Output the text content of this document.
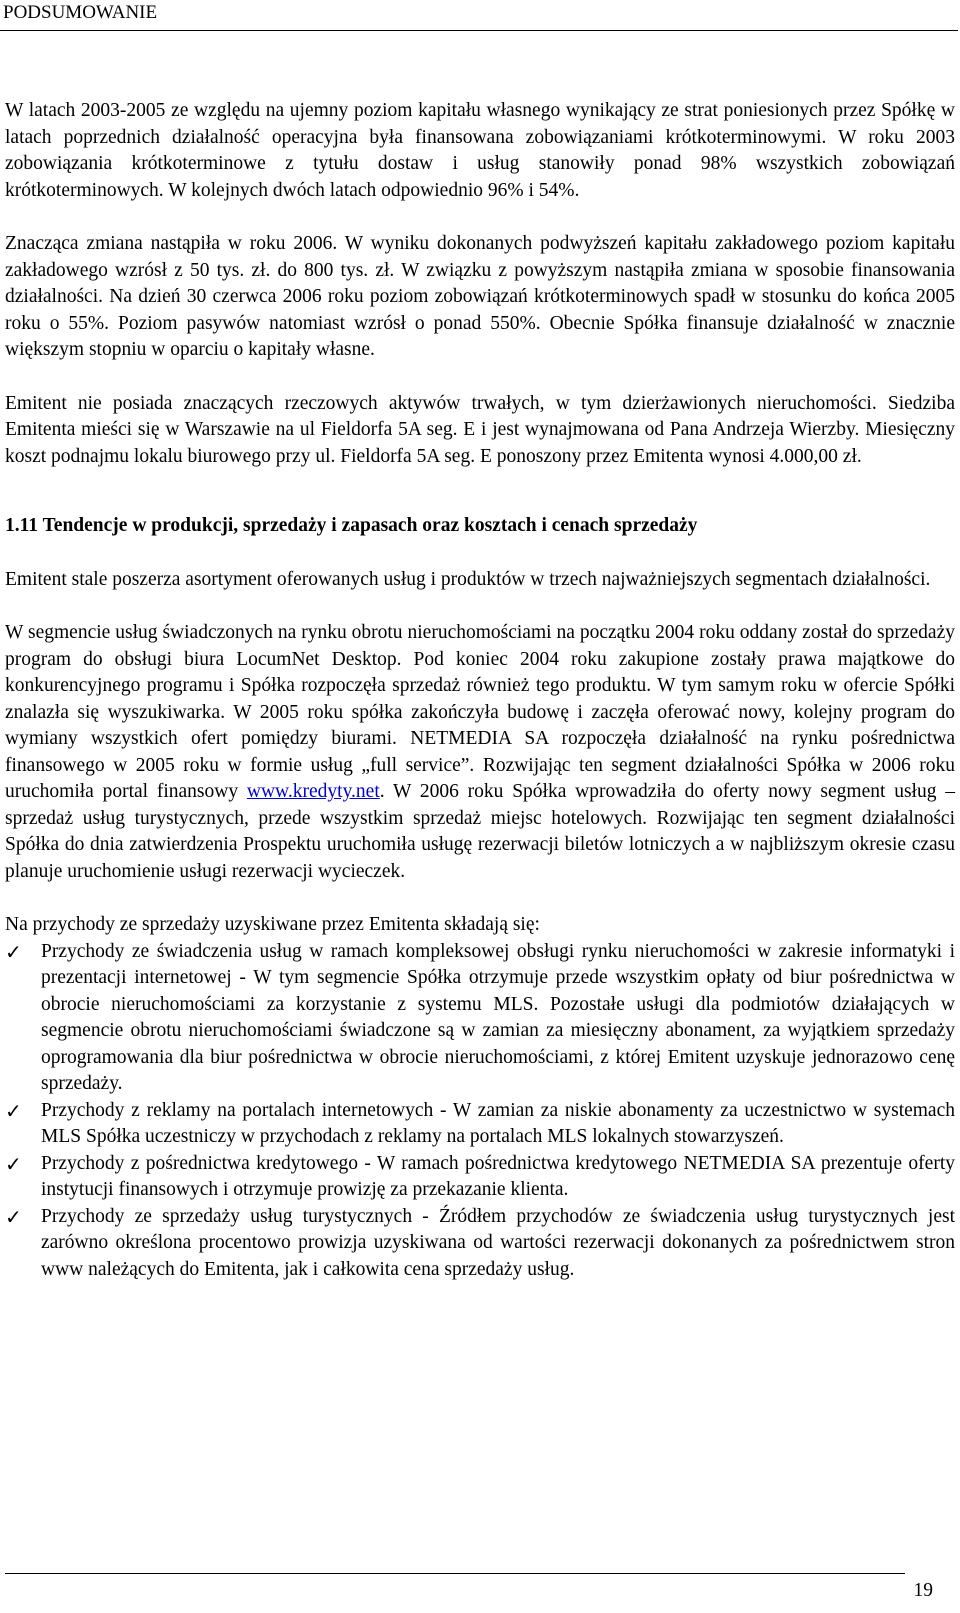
PODSUMOWANIE

W latach 2003-2005 ze względu na ujemny poziom kapitału własnego wynikający ze strat poniesionych przez Spółkę w latach poprzednich działalność operacyjna była finansowana zobowiązaniami krótkoterminowymi. W roku 2003 zobowiązania krótkoterminowe z tytułu dostaw i usług stanowiły ponad 98% wszystkich zobowiązań krótkoterminowych. W kolejnych dwóch latach odpowiednio 96% i 54%.

Znacząca zmiana nastąpiła w roku 2006. W wyniku dokonanych podwyższeń kapitału zakładowego poziom kapitału zakładowego wzrósł z 50 tys. zł. do 800 tys. zł. W związku z powyższym nastąpiła zmiana w sposobie finansowania działalności. Na dzień 30 czerwca 2006 roku poziom zobowiązań krótkoterminowych spadł w stosunku do końca 2005 roku o 55%. Poziom pasywów natomiast wzrósł o ponad 550%. Obecnie Spółka finansuje działalność w znacznie większym stopniu w oparciu o kapitały własne.

Emitent nie posiada znaczących rzeczowych aktywów trwałych, w tym dzierżawionych nieruchomości. Siedziba Emitenta mieści się w Warszawie na ul Fieldorfa 5A seg. E i jest wynajmowana od Pana Andrzeja Wierzby. Miesięczny koszt podnajmu lokalu biurowego przy ul. Fieldorfa 5A seg. E ponoszony przez Emitenta wynosi 4.000,00 zł.

1.11 Tendencje w produkcji, sprzedaży i zapasach oraz kosztach i cenach sprzedaży

Emitent stale poszerza asortyment oferowanych usług i produktów w trzech najważniejszych segmentach działalności.

W segmencie usług świadczonych na rynku obrotu nieruchomościami na początku 2004 roku oddany został do sprzedaży program do obsługi biura LocumNet Desktop. Pod koniec 2004 roku zakupione zostały prawa majątkowe do konkurencyjnego programu i Spółka rozpoczęła sprzedaż również tego produktu. W tym samym roku w ofercie Spółki znalazła się wyszukiwarka. W 2005 roku spółka zakończyła budowę i zaczęła oferować nowy, kolejny program do wymiany wszystkich ofert pomiędzy biurami. NETMEDIA SA rozpoczęła działalność na rynku pośrednictwa finansowego w 2005 roku w formie usług „full service”. Rozwijając ten segment działalności Spółka w 2006 roku uruchomiła portal finansowy www.kredyty.net. W 2006 roku Spółka wprowadziła do oferty nowy segment usług – sprzedaż usług turystycznych, przede wszystkim sprzedaż miejsc hotelowych. Rozwijając ten segment działalności Spółka do dnia zatwierdzenia Prospektu uruchomiła usługę rezerwacji biletów lotniczych a w najbliższym okresie czasu planuje uruchomienie usługi rezerwacji wycieczek.

Na przychody ze sprzedaży uzyskiwane przez Emitenta składają się:
✓ Przychody ze świadczenia usług w ramach kompleksowej obsługi rynku nieruchomości w zakresie informatyki i prezentacji internetowej - W tym segmencie Spółka otrzymuje przede wszystkim opłaty od biur pośrednictwa w obrocie nieruchomościami za korzystanie z systemu MLS. Pozostałe usługi dla podmiotów działających w segmencie obrotu nieruchomościami świadczone są w zamian za miesięczny abonament, za wyjątkiem sprzedaży oprogramowania dla biur pośrednictwa w obrocie nieruchomościami, z której Emitent uzyskuje jednorazowo cenę sprzedaży.
✓ Przychody z reklamy na portalach internetowych - W zamian za niskie abonamenty za uczestnictwo w systemach MLS Spółka uczestniczy w przychodach z reklamy na portalach MLS lokalnych stowarzyszeń.
✓ Przychody z pośrednictwa kredytowego - W ramach pośrednictwa kredytowego NETMEDIA SA prezentuje oferty instytucji finansowych i otrzymuje prowizję za przekazanie klienta.
✓ Przychody ze sprzedaży usług turystycznych - Źródłem przychodów ze świadczenia usług turystycznych jest zarówno określona procentowo prowizja uzyskiwana od wartości rezerwacji dokonanych za pośrednictwem stron www należących do Emitenta, jak i całkowita cena sprzedaży usług.
19
